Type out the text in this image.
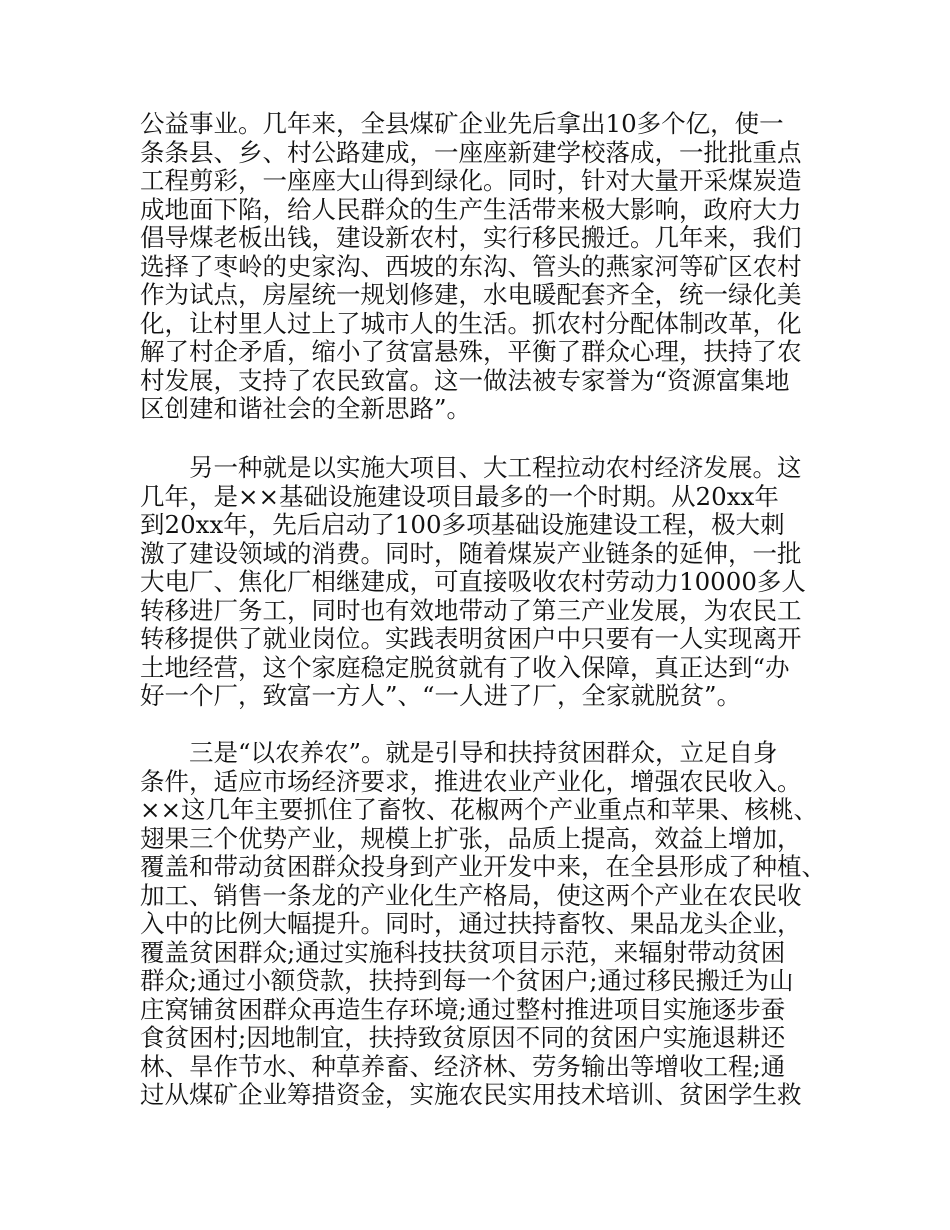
公益事业。几年来，全县煤矿企业先后拿出10多个亿，使一
条条县、乡、村公路建成，一座座新建学校落成，一批批重点
工程剪彩，一座座大山得到绿化。同时，针对大量开采煤炭造
成地面下陷，给人民群众的生产生活带来极大影响，政府大力
倡导煤老板出钱，建设新农村，实行移民搬迁。几年来，我们
选择了枣岭的史家沟、西坡的东沟、管头的燕家河等矿区农村
作为试点，房屋统一规划修建，水电暖配套齐全，统一绿化美
化，让村里人过上了城市人的生活。抓农村分配体制改革，化
解了村企矛盾，缩小了贫富悬殊，平衡了群众心理，扶持了农
村发展，支持了农民致富。这一做法被专家誉为“资源富集地
区创建和谐社会的全新思路”。
另一种就是以实施大项目、大工程拉动农村经济发展。这
几年，是××基础设施建设项目最多的一个时期。从20xx年
到20xx年，先后启动了100多项基础设施建设工程，极大刺
激了建设领域的消费。同时，随着煤炭产业链条的延伸，一批
大电厂、焦化厂相继建成，可直接吸收农村劳动力10000多人
转移进厂务工，同时也有效地带动了第三产业发展，为农民工
转移提供了就业岗位。实践表明贫困户中只要有一人实现离开
土地经营，这个家庭稳定脱贫就有了收入保障，真正达到“办
好一个厂，致富一方人”、“一人进了厂，全家就脱贫”。
三是“以农养农”。就是引导和扶持贫困群众，立足自身
条件，适应市场经济要求，推进农业产业化，增强农民收入。
××这几年主要抓住了畜牧、花椒两个产业重点和苹果、核桃、
翅果三个优势产业，规模上扩张，品质上提高，效益上增加，
覆盖和带动贫困群众投身到产业开发中来，在全县形成了种植、
加工、销售一条龙的产业化生产格局，使这两个产业在农民收
入中的比例大幅提升。同时，通过扶持畜牧、果品龙头企业，
覆盖贫困群众;通过实施科技扶贫项目示范，来辐射带动贫困
群众;通过小额贷款，扶持到每一个贫困户;通过移民搬迁为山
庄窝铺贫困群众再造生存环境;通过整村推进项目实施逐步蚕
食贫困村;因地制宜，扶持致贫原因不同的贫困户实施退耕还
林、旱作节水、种草养畜、经济林、劳务输出等增收工程;通
过从煤矿企业筹措资金，实施农民实用技术培训、贫困学生救
